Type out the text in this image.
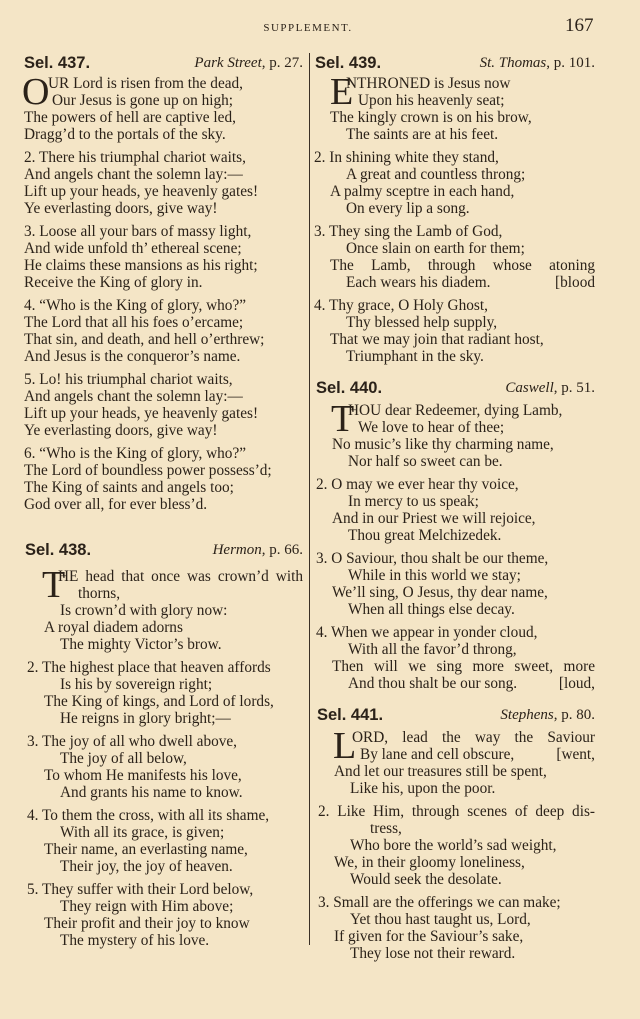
SUPPLEMENT.	167
Sel. 437.	Park Street, p. 27.
O
UR Lord is risen from the dead,
Our Jesus is gone up on high;
The powers of hell are captive led,
Dragg’d to the portals of the sky.
2. There his triumphal chariot waits,
And angels chant the solemn lay:—
Lift up your heads, ye heavenly gates!
Ye everlasting doors, give way!
3. Loose all your bars of massy light,
And wide unfold th’ ethereal scene;
He claims these mansions as his right;
Receive the King of glory in.
4. “Who is the King of glory, who?”
The Lord that all his foes o’ercame;
That sin, and death, and hell o’erthrew;
And Jesus is the conqueror’s name.
5. Lo! his triumphal chariot waits,
And angels chant the solemn lay:—
Lift up your heads, ye heavenly gates!
Ye everlasting doors, give way!
6. “Who is the King of glory, who?”
The Lord of boundless power possess’d;
The King of saints and angels too;
God over all, for ever bless’d.
Sel. 438.	Hermon, p. 66.
T
HE head that once was crown’d with
thorns,
Is crown’d with glory now:
A royal diadem adorns
The mighty Victor’s brow.
2. The highest place that heaven affords
Is his by sovereign right;
The King of kings, and Lord of lords,
He reigns in glory bright;—
3. The joy of all who dwell above,
The joy of all below,
To whom He manifests his love,
And grants his name to know.
4. To them the cross, with all its shame,
With all its grace, is given;
Their name, an everlasting name,
Their joy, the joy of heaven.
5. They suffer with their Lord below,
They reign with Him above;
Their profit and their joy to know
The mystery of his love.
Sel. 439.	St. Thomas, p. 101.
E
NTHRONED is Jesus now
Upon his heavenly seat;
The kingly crown is on his brow,
The saints are at his feet.
2. In shining white they stand,
A great and countless throng;
A palmy sceptre in each hand,
On every lip a song.
3. They sing the Lamb of God,
Once slain on earth for them;
The Lamb, through whose atoning
[blood
Each wears his diadem.
4. Thy grace, O Holy Ghost,
Thy blessed help supply,
That we may join that radiant host,
Triumphant in the sky.
Sel. 440.	Caswell, p. 51.
T
HOU dear Redeemer, dying Lamb,
We love to hear of thee;
No music’s like thy charming name,
Nor half so sweet can be.
2. O may we ever hear thy voice,
In mercy to us speak;
And in our Priest we will rejoice,
Thou great Melchizedek.
3. O Saviour, thou shalt be our theme,
While in this world we stay;
We’ll sing, O Jesus, thy dear name,
When all things else decay.
4. When we appear in yonder cloud,
With all the favor’d throng,
Then will we sing more sweet, more
[loud,
And thou shalt be our song.
Sel. 441.	Stephens, p. 80.
L
ORD, lead the way the Saviour
[went,
By lane and cell obscure,
And let our treasures still be spent,
Like his, upon the poor.
2. Like Him, through scenes of deep dis-
tress,
Who bore the world’s sad weight,
We, in their gloomy loneliness,
Would seek the desolate.
3. Small are the offerings we can make;
Yet thou hast taught us, Lord,
If given for the Saviour’s sake,
They lose not their reward.
